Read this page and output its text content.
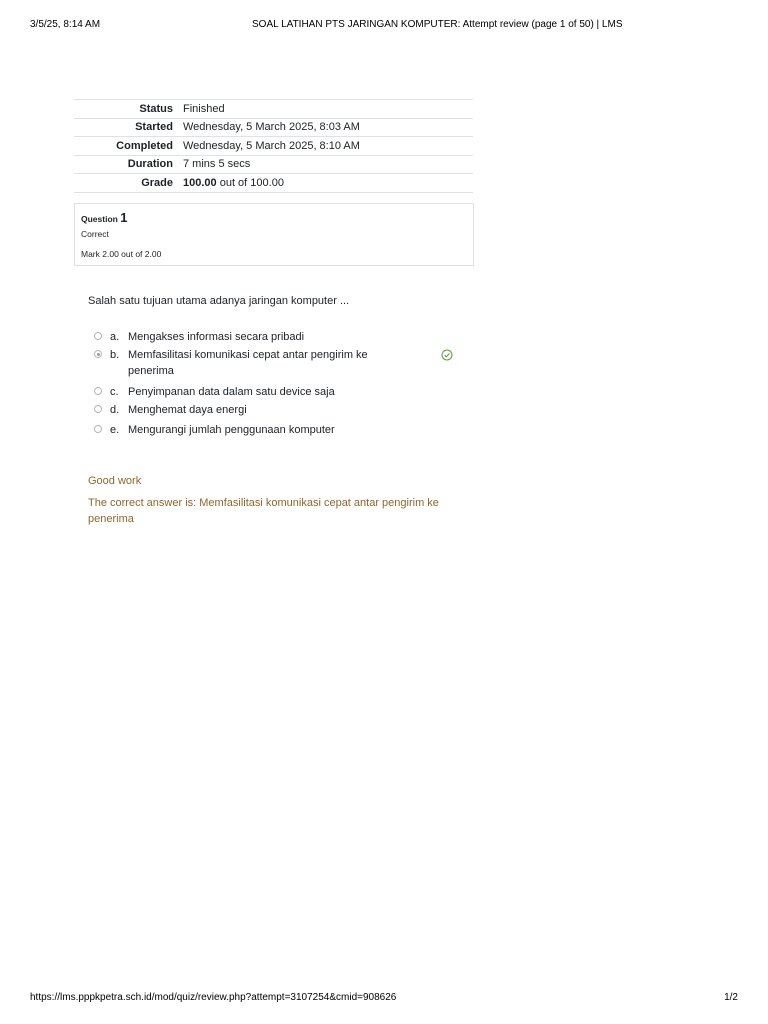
3/5/25, 8:14 AM	SOAL LATIHAN PTS JARINGAN KOMPUTER: Attempt review (page 1 of 50) | LMS
Status	Finished
Started	Wednesday, 5 March 2025, 8:03 AM
Completed	Wednesday, 5 March 2025, 8:10 AM
Duration	7 mins 5 secs
Grade	100.00 out of 100.00
Question 1
Correct
Mark 2.00 out of 2.00
Salah satu tujuan utama adanya jaringan komputer ...
a. Mengakses informasi secara pribadi
b. Memfasilitasi komunikasi cepat antar pengirim ke penerima
c. Penyimpanan data dalam satu device saja
d. Menghemat daya energi
e. Mengurangi jumlah penggunaan komputer
Good work
The correct answer is: Memfasilitasi komunikasi cepat antar pengirim ke penerima
https://lms.pppkpetra.sch.id/mod/quiz/review.php?attempt=3107254&cmid=908626	1/2
